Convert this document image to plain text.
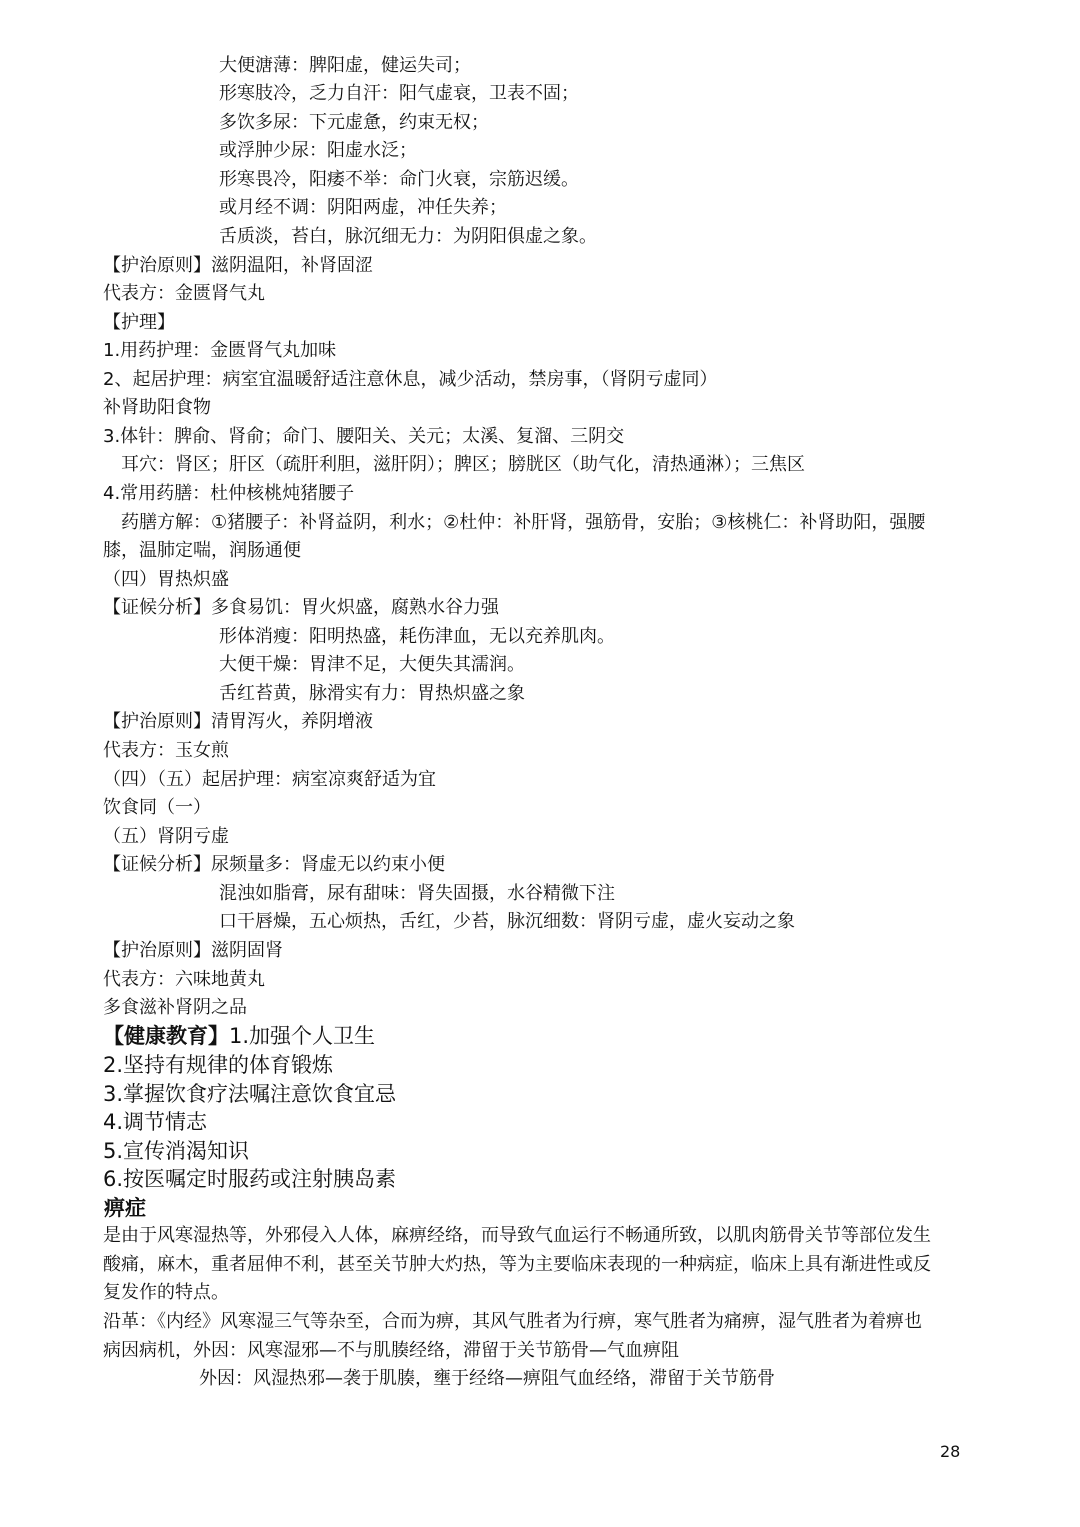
大便溏薄：脾阳虚，健运失司；
形寒肢冷，乏力自汗：阳气虚衰，卫表不固；
多饮多尿：下元虚惫，约束无权；
或浮肿少尿：阳虚水泛；
形寒畏冷，阳痿不举：命门火衰，宗筋迟缓。
或月经不调：阴阳两虚，冲任失养；
舌质淡，苔白，脉沉细无力：为阴阳俱虚之象。
【护治原则】滋阴温阳，补肾固涩
代表方：金匮肾气丸
【护理】
1.用药护理：金匮肾气丸加味
2、起居护理：病室宜温暖舒适注意休息，减少活动，禁房事，（肾阴亏虚同）
补肾助阳食物
3.体针：脾俞、肾俞；命门、腰阳关、关元；太溪、复溜、三阴交
耳穴：肾区；肝区（疏肝利胆，滋肝阴）；脾区；膀胱区（助气化，清热通淋）；三焦区
4.常用药膳：杜仲核桃炖猪腰子
药膳方解：①猪腰子：补肾益阴，利水；②杜仲：补肝肾，强筋骨，安胎；③核桃仁：补肾助阳，强腰
膝，温肺定喘，润肠通便
（四）胃热炽盛
【证候分析】多食易饥：胃火炽盛，腐熟水谷力强
形体消瘦：阳明热盛，耗伤津血，无以充养肌肉。
大便干燥：胃津不足，大便失其濡润。
舌红苔黄，脉滑实有力：胃热炽盛之象
【护治原则】清胃泻火，养阴增液
代表方：玉女煎
（四）（五）起居护理：病室凉爽舒适为宜
饮食同（一）
（五）肾阴亏虚
【证候分析】尿频量多：肾虚无以约束小便
混浊如脂膏，尿有甜味：肾失固摄，水谷精微下注
口干唇燥，五心烦热，舌红，少苔，脉沉细数：肾阴亏虚，虚火妄动之象
【护治原则】滋阴固肾
代表方：六味地黄丸
多食滋补肾阴之品
【健康教育】1.加强个人卫生
2.坚持有规律的体育锻炼
3.掌握饮食疗法嘱注意饮食宜忌
4.调节情志
5.宣传消渴知识
6.按医嘱定时服药或注射胰岛素
痹症
是由于风寒湿热等，外邪侵入人体，麻痹经络，而导致气血运行不畅通所致，以肌肉筋骨关节等部位发生
酸痛，麻木，重者屈伸不利，甚至关节肿大灼热，等为主要临床表现的一种病症，临床上具有渐进性或反
复发作的特点。
沿革：《内经》风寒湿三气等杂至，合而为痹，其风气胜者为行痹，寒气胜者为痛痹，湿气胜者为着痹也
病因病机，外因：风寒湿邪—不与肌腠经络，滞留于关节筋骨—气血痹阻
外因：风湿热邪—袭于肌腠，壅于经络—痹阻气血经络，滞留于关节筋骨
28
